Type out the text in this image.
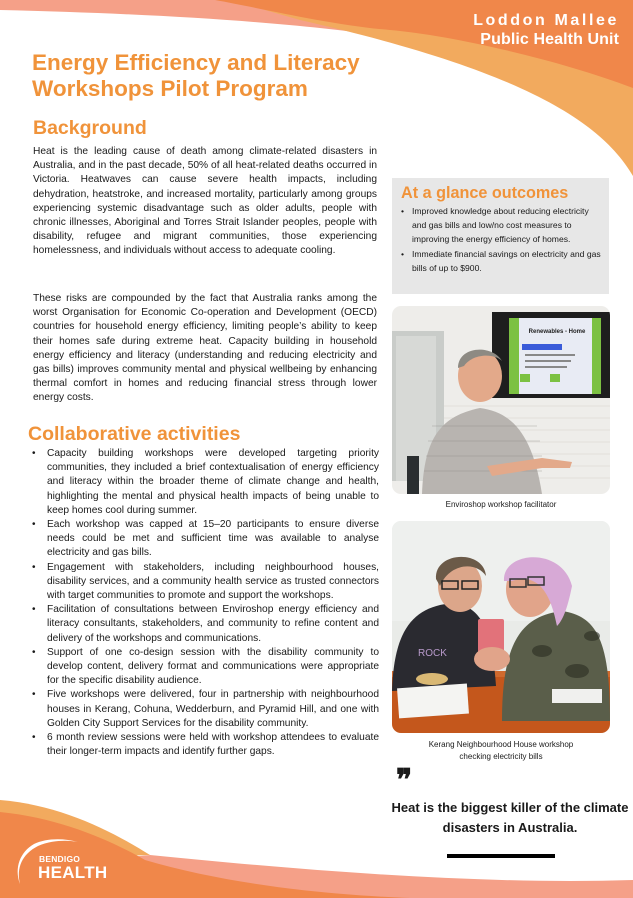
Loddon Mallee
Public Health Unit
Energy Efficiency and Literacy
Workshops Pilot Program
Background

Heat is the leading cause of death among climate-related disasters in Australia, and in the past decade, 50% of all heat-related deaths occurred in Victoria. Heatwaves can cause severe health impacts, including dehydration, heatstroke, and increased mortality, particularly among groups experiencing systemic disadvantage such as older adults, people with chronic illnesses, Aboriginal and Torres Strait Islander peoples, people with disability, refugee and migrant communities, those experiencing homelessness, and individuals without access to adequate cooling.

These risks are compounded by the fact that Australia ranks among the worst Organisation for Economic Co-operation and Development (OECD) countries for household energy efficiency, limiting people’s ability to keep their homes safe during extreme heat. Capacity building in household energy efficiency and literacy (understanding and reducing electricity and gas bills) improves community mental and physical wellbeing by enhancing thermal comfort in homes and reducing financial stress through lower energy costs.

Collaborative activities
• Capacity building workshops were developed targeting priority communities, they included a brief contextualisation of energy efficiency and literacy within the broader theme of climate change and health, highlighting the mental and physical health impacts of being unable to keep homes cool during summer.
• Each workshop was capped at 15–20 participants to ensure diverse needs could be met and sufficient time was available to analyse electricity and gas bills.
• Engagement with stakeholders, including neighbourhood houses, disability services, and a community health service as trusted connectors with target communities to promote and support the workshops.
• Facilitation of consultations between Enviroshop energy efficiency and literacy consultants, stakeholders, and community to refine content and delivery of the workshops and communications.
• Support of one co-design session with the disability community to develop content, delivery format and communications were appropriate for the specific disability audience.
• Five workshops were delivered, four in partnership with neighbourhood houses in Kerang, Cohuna, Wedderburn, and Pyramid Hill, and one with Golden City Support Services for the disability community.
• 6 month review sessions were held with workshop attendees to evaluate their longer-term impacts and identify further gaps.
At a glance outcomes
• Improved knowledge about reducing electricity and gas bills and low/no cost measures to improving the energy efficiency of homes.
• Immediate financial savings on electricity and gas bills of up to $900.
Renewables - Home
Enviroshop workshop facilitator
ROCK
Kerang Neighbourhood House workshop
checking electricity bills
❞
Heat is the biggest killer of the climate disasters in Australia.
BENDIGO
HEALTH
